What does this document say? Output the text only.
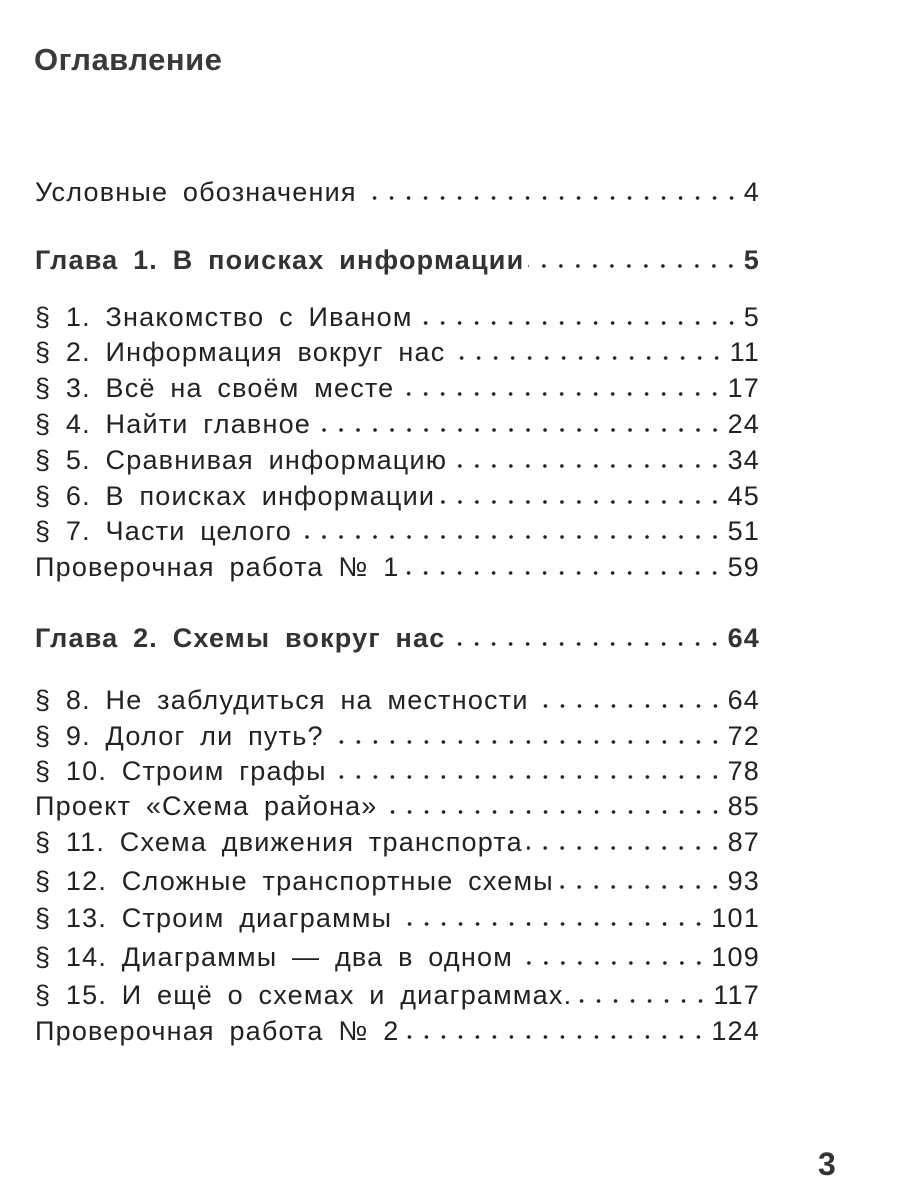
Оглавление
Условные обозначения	4
Глава 1. В поисках информации	5
§ 1. Знакомство с Иваном	5
§ 2. Информация вокруг нас	11
§ 3. Всё на своём месте	17
§ 4. Найти главное	24
§ 5. Сравнивая информацию	34
§ 6. В поисках информации	45
§ 7. Части целого	51
Проверочная работа № 1	59
Глава 2. Схемы вокруг нас	64
§ 8. Не заблудиться на местности	64
§ 9. Долог ли путь?	72
§ 10. Строим графы	78
Проект «Схема района»	85
§ 11. Схема движения транспорта	87
§ 12. Сложные транспортные схемы	93
§ 13. Строим диаграммы	101
§ 14. Диаграммы — два в одном	109
§ 15. И ещё о схемах и диаграммах.	117
Проверочная работа № 2	124
3
